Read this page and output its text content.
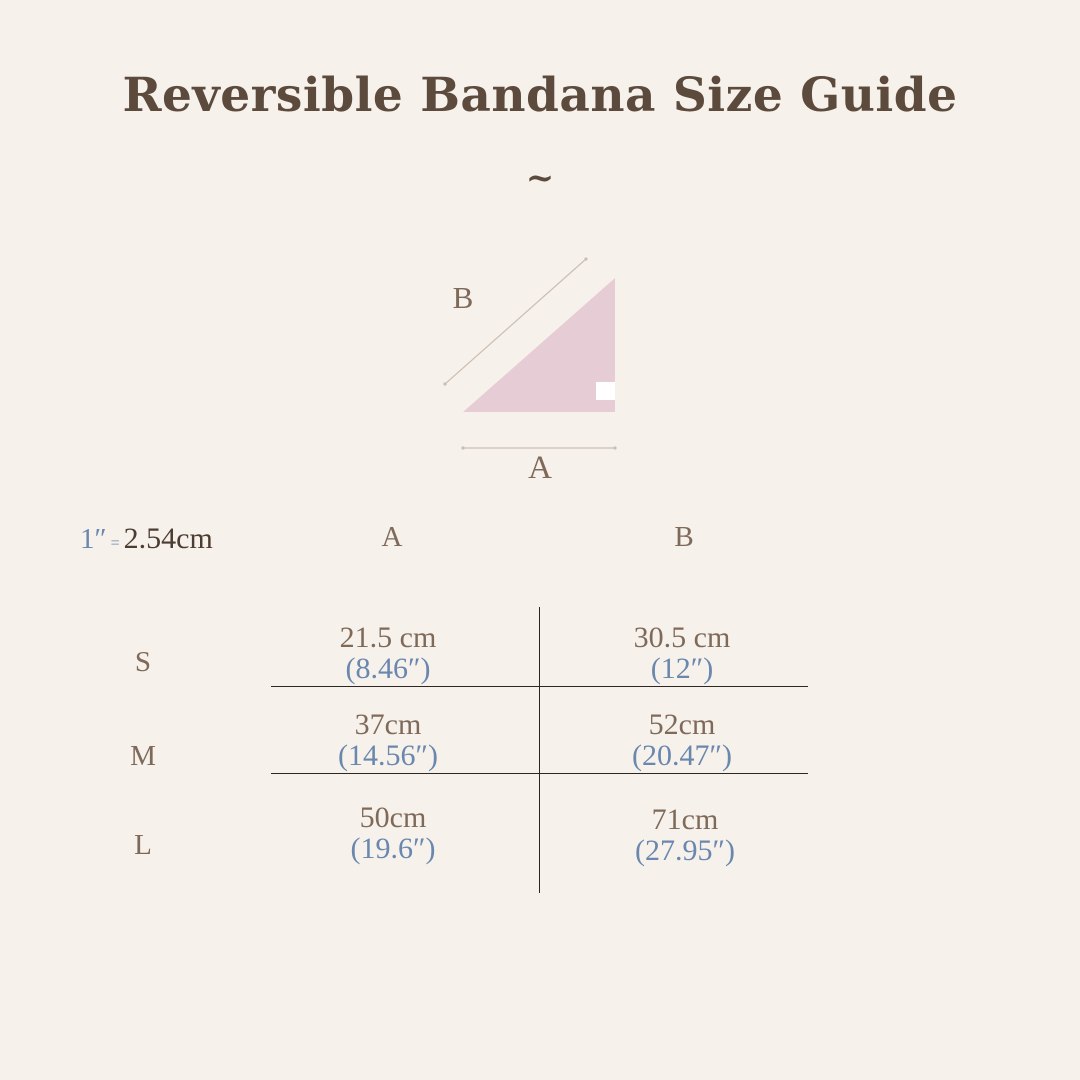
Reversible Bandana Size Guide
~
B
A
1″ = 2.54cm	A	B
S
21.5 cm
(8.46″)
30.5 cm
(12″)
M
37cm
(14.56″)
52cm
(20.47″)
L
50cm
(19.6″)
71cm
(27.95″)
